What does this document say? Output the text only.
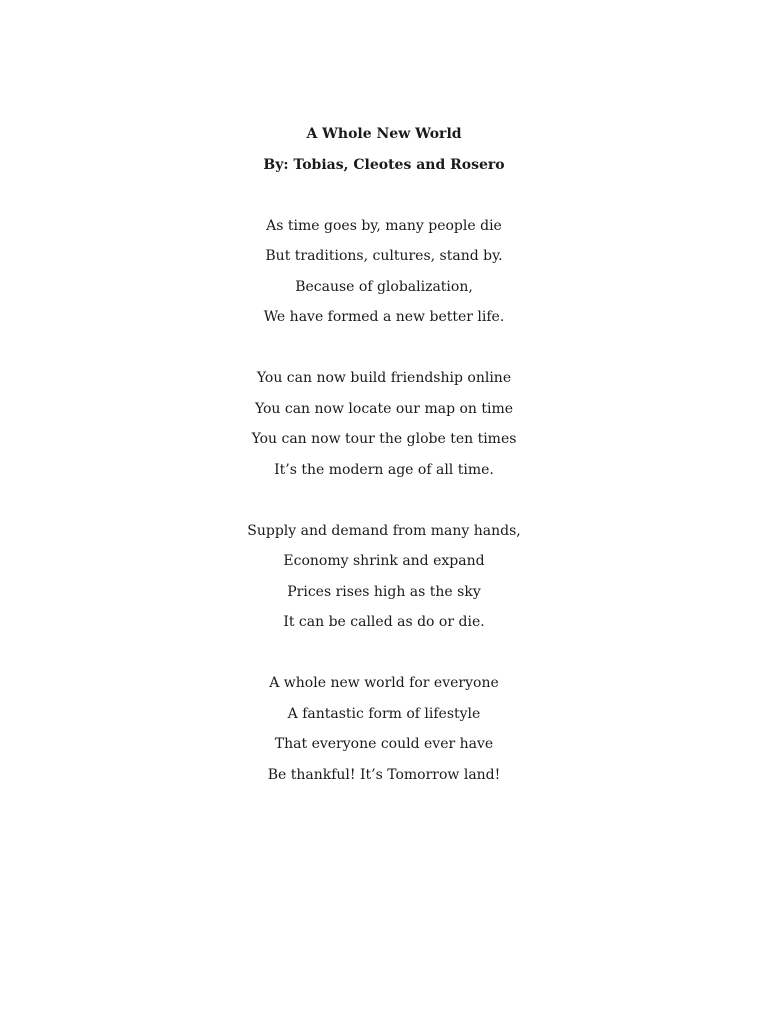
A Whole New World
By: Tobias, Cleotes and Rosero
As time goes by, many people die
But traditions, cultures, stand by.
Because of globalization,
We have formed a new better life.
You can now build friendship online
You can now locate our map on time
You can now tour the globe ten times
It’s the modern age of all time.
Supply and demand from many hands,
Economy shrink and expand
Prices rises high as the sky
It can be called as do or die.
A whole new world for everyone
A fantastic form of lifestyle
That everyone could ever have
Be thankful! It’s Tomorrow land!
